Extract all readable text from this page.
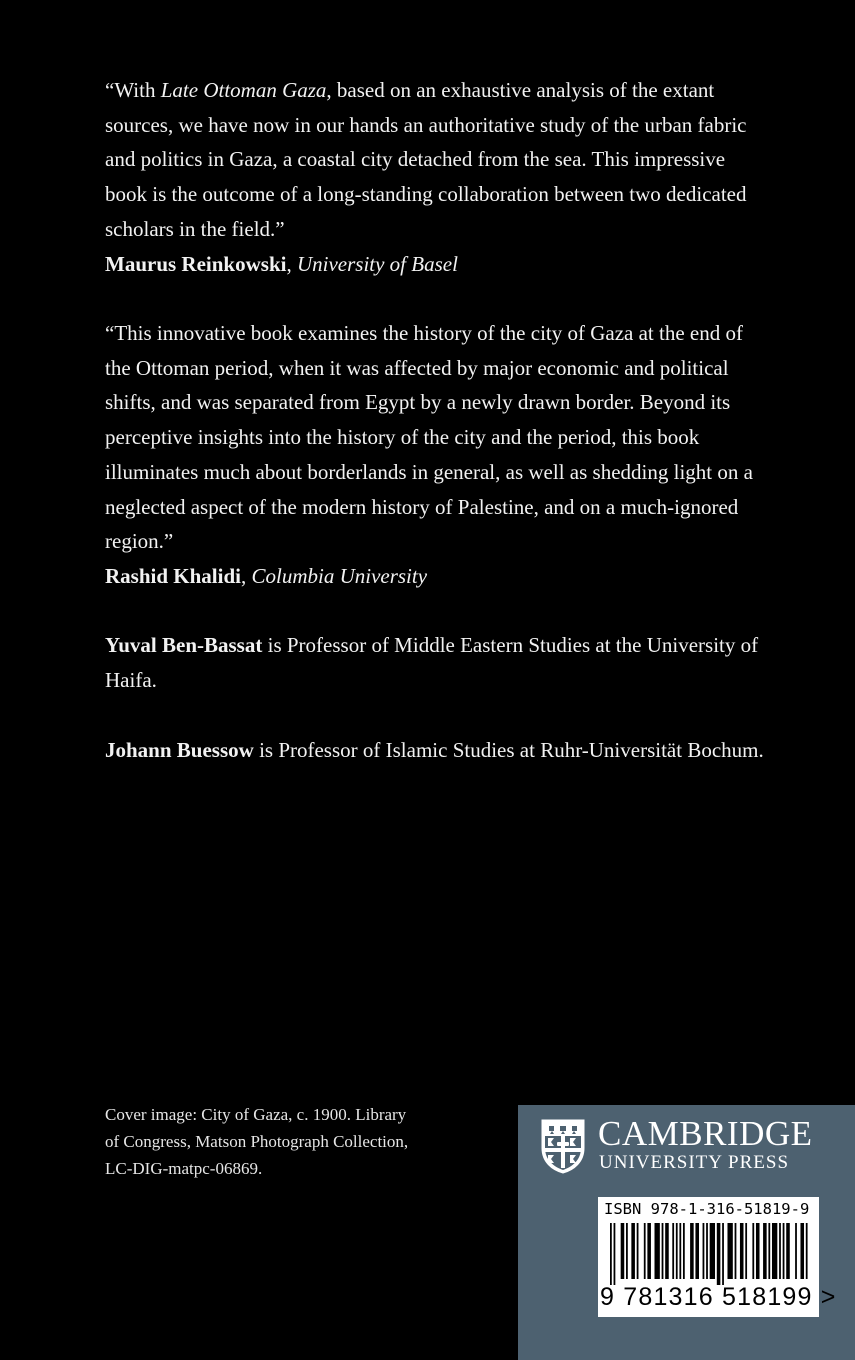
“With Late Ottoman Gaza, based on an exhaustive analysis of the extant sources, we have now in our hands an authoritative study of the urban fabric and politics in Gaza, a coastal city detached from the sea. This impressive book is the outcome of a long-standing collaboration between two dedicated scholars in the field.”

Maurus Reinkowski, University of Basel

“This innovative book examines the history of the city of Gaza at the end of the Ottoman period, when it was affected by major economic and political shifts, and was separated from Egypt by a newly drawn border. Beyond its perceptive insights into the history of the city and the period, this book illuminates much about borderlands in general, as well as shedding light on a neglected aspect of the modern history of Palestine, and on a much-ignored region.”

Rashid Khalidi, Columbia University

Yuval Ben-Bassat is Professor of Middle Eastern Studies at the University of Haifa.

Johann Buessow is Professor of Islamic Studies at Ruhr-Universität Bochum.

Cover image: City of Gaza, c. 1900. Library
of Congress, Matson Photograph Collection,
LC-DIG-matpc-06869.
CAMBRIDGE
UNIVERSITY PRESS
ISBN 978-1-316-51819-9
9 781316 518199 >
